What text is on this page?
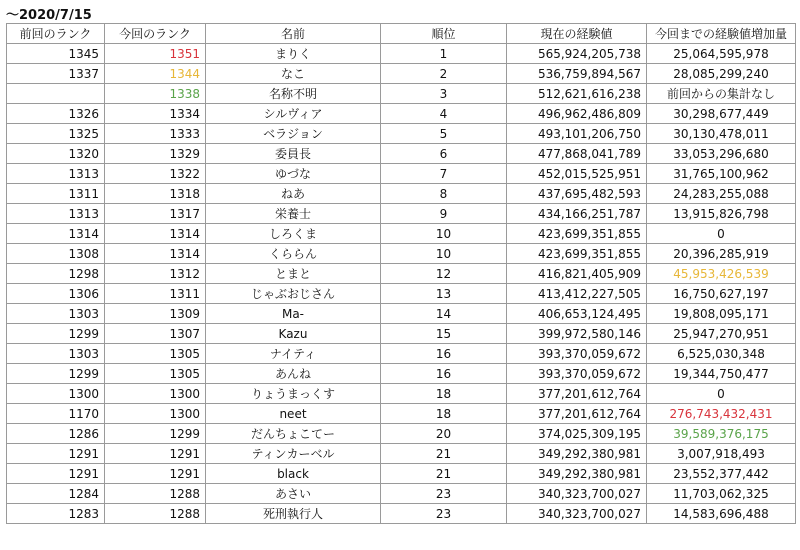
〜2020/7/15
前回のランク	今回のランク	名前	順位	現在の経験値	今回までの経験値増加量
1345	1351	まりく	1	565,924,205,738	25,064,595,978
1337	1344	なこ	2	536,759,894,567	28,085,299,240
	1338	名称不明	3	512,621,616,238	前回からの集計なし
1326	1334	シルヴィア	4	496,962,486,809	30,298,677,449
1325	1333	ベラジョン	5	493,101,206,750	30,130,478,011
1320	1329	委員長	6	477,868,041,789	33,053,296,680
1313	1322	ゆづな	7	452,015,525,951	31,765,100,962
1311	1318	ねあ	8	437,695,482,593	24,283,255,088
1313	1317	栄養士	9	434,166,251,787	13,915,826,798
1314	1314	しろくま	10	423,699,351,855	0
1308	1314	くららん	10	423,699,351,855	20,396,285,919
1298	1312	とまと	12	416,821,405,909	45,953,426,539
1306	1311	じゃぶおじさん	13	413,412,227,505	16,750,627,197
1303	1309	Ma-	14	406,653,124,495	19,808,095,171
1299	1307	Kazu	15	399,972,580,146	25,947,270,951
1303	1305	ナイティ	16	393,370,059,672	6,525,030,348
1299	1305	あんね	16	393,370,059,672	19,344,750,477
1300	1300	りょうまっくす	18	377,201,612,764	0
1170	1300	neet	18	377,201,612,764	276,743,432,431
1286	1299	だんちょこてー	20	374,025,309,195	39,589,376,175
1291	1291	ティンカーベル	21	349,292,380,981	3,007,918,493
1291	1291	black	21	349,292,380,981	23,552,377,442
1284	1288	あさい	23	340,323,700,027	11,703,062,325
1283	1288	死刑執行人	23	340,323,700,027	14,583,696,488
